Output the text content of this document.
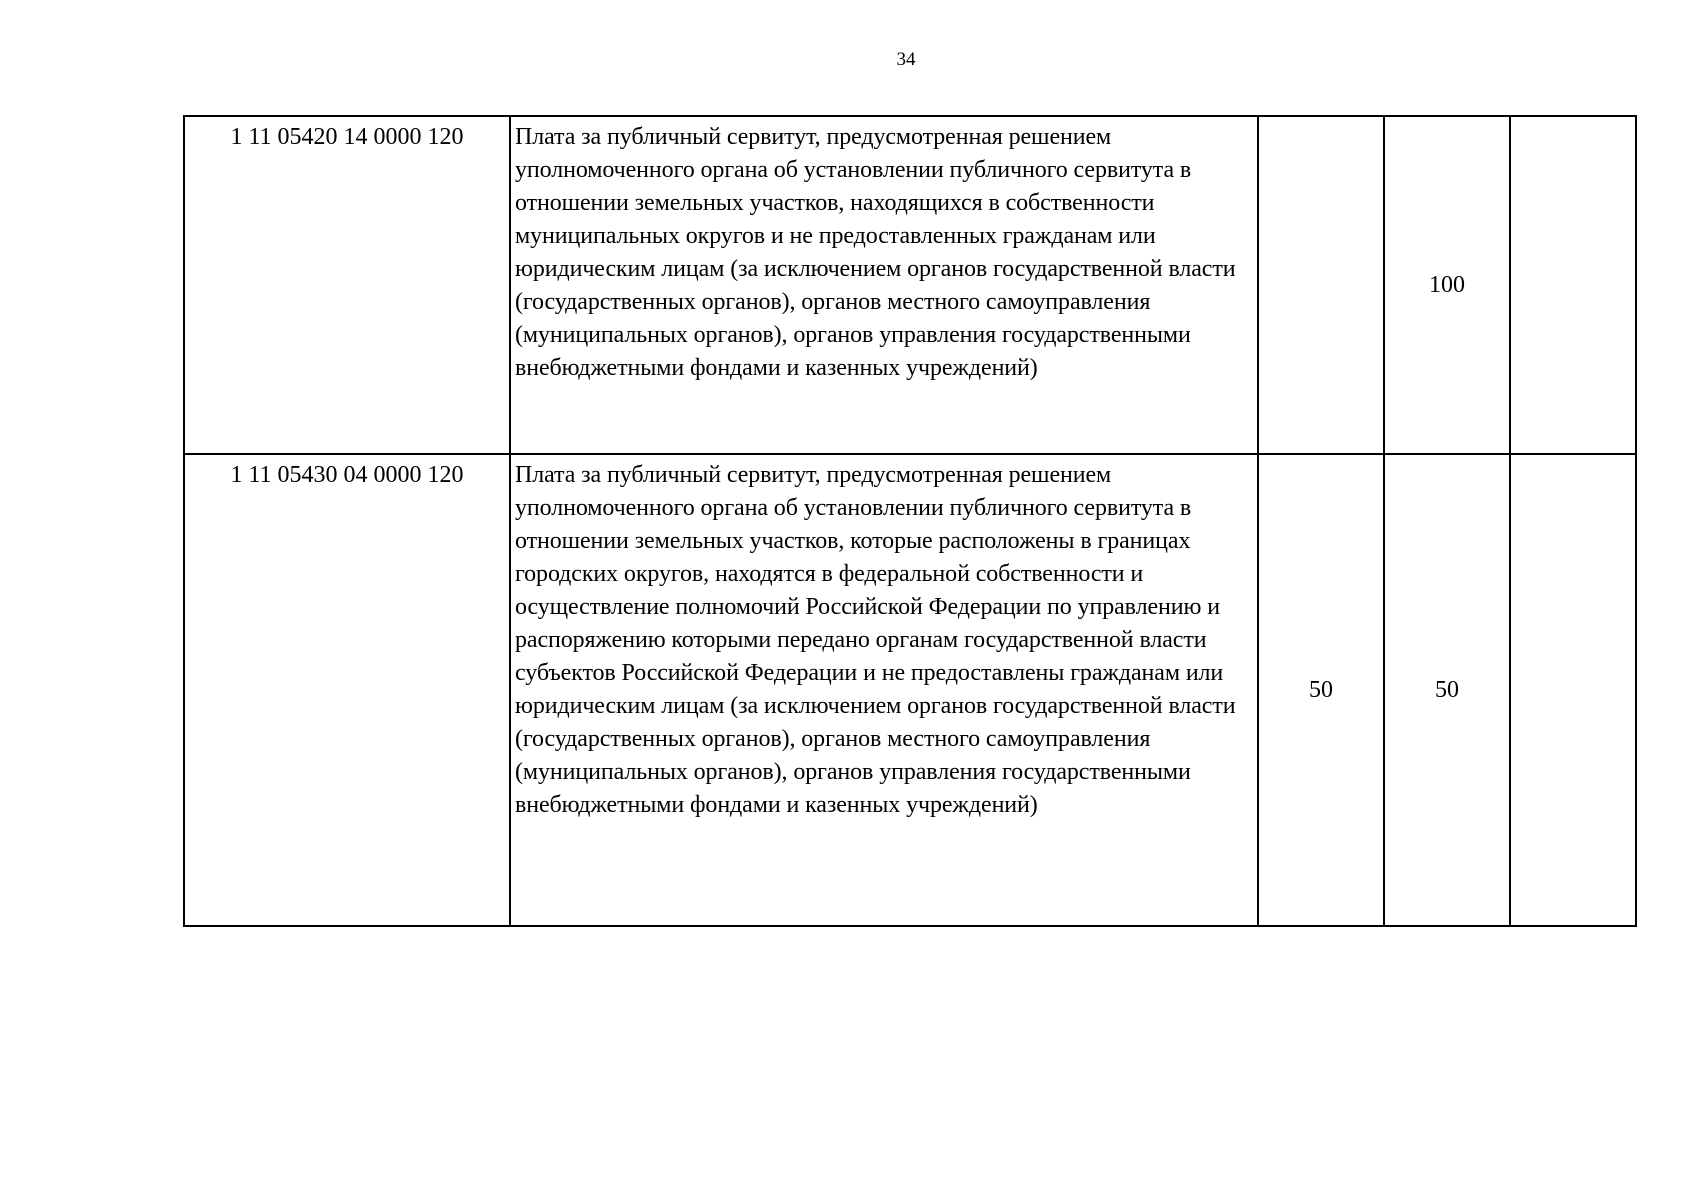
34
1 11 05420 14 0000 120	Плата за публичный сервитут, предусмотренная решением уполномоченного органа об установлении публичного сервитута в отношении земельных участков, находящихся в собственности муниципальных округов и не предоставленных гражданам или юридическим лицам (за исключением органов государственной власти (государственных органов), органов местного самоуправления (муниципальных органов), органов управления государственными внебюджетными фондами и казенных учреждений)		100	
1 11 05430 04 0000 120	Плата за публичный сервитут, предусмотренная решением уполномоченного органа об установлении публичного сервитута в отношении земельных участков, которые расположены в границах городских округов, находятся в федеральной собственности и осуществление полномочий Российской Федерации по управлению и распоряжению которыми передано органам государственной власти субъектов Российской Федерации и не предоставлены гражданам или юридическим лицам (за исключением органов государственной власти (государственных органов), органов местного самоуправления (муниципальных органов), органов управления государственными внебюджетными фондами и казенных учреждений)	50	50	
